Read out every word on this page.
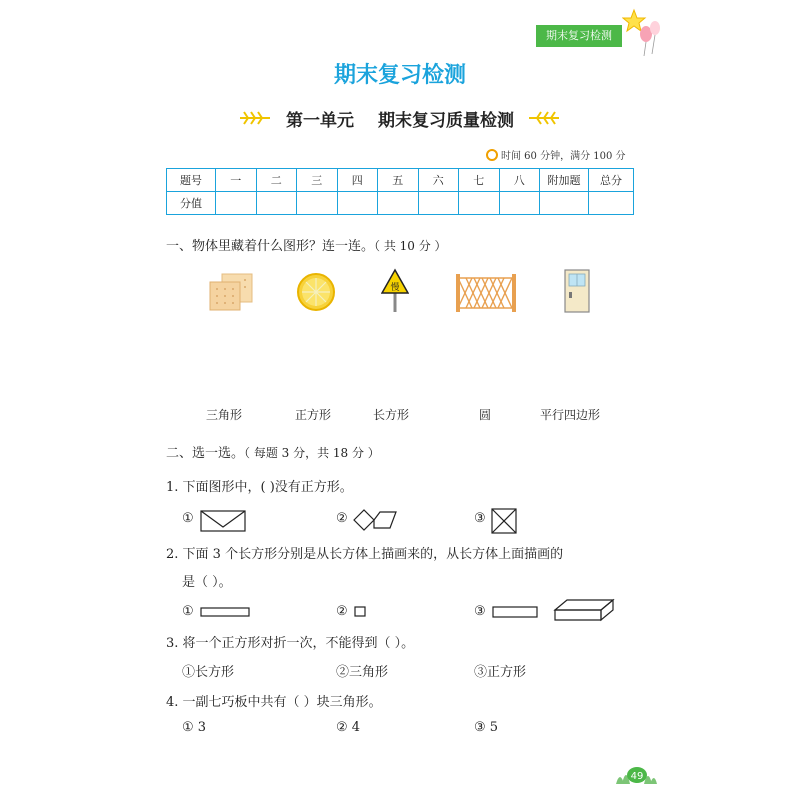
期末复习检测
期末复习检测
第一单元 期末复习质量检测
时间 60 分钟，满分 100 分
题号	一	二	三	四	五	六	七	八	附加题	总分
分值										
一、物体里藏着什么图形？连一连。（ 共 10 分 ）
慢
三角形	正方形	长方形	圆	平行四边形
二、选一选。（ 每题 3 分，共 18 分 ）
1. 下面图形中，( )没有正方形。
①	②	③
2. 下面 3 个长方形分别是从长方体上描画来的，从长方体上面描画的
是（ ）。
①	②	③
3. 将一个正方形对折一次，不能得到（ ）。
①长方形	②三角形	③正方形
4. 一副七巧板中共有（ ）块三角形。
① 3	② 4	③ 5
49
